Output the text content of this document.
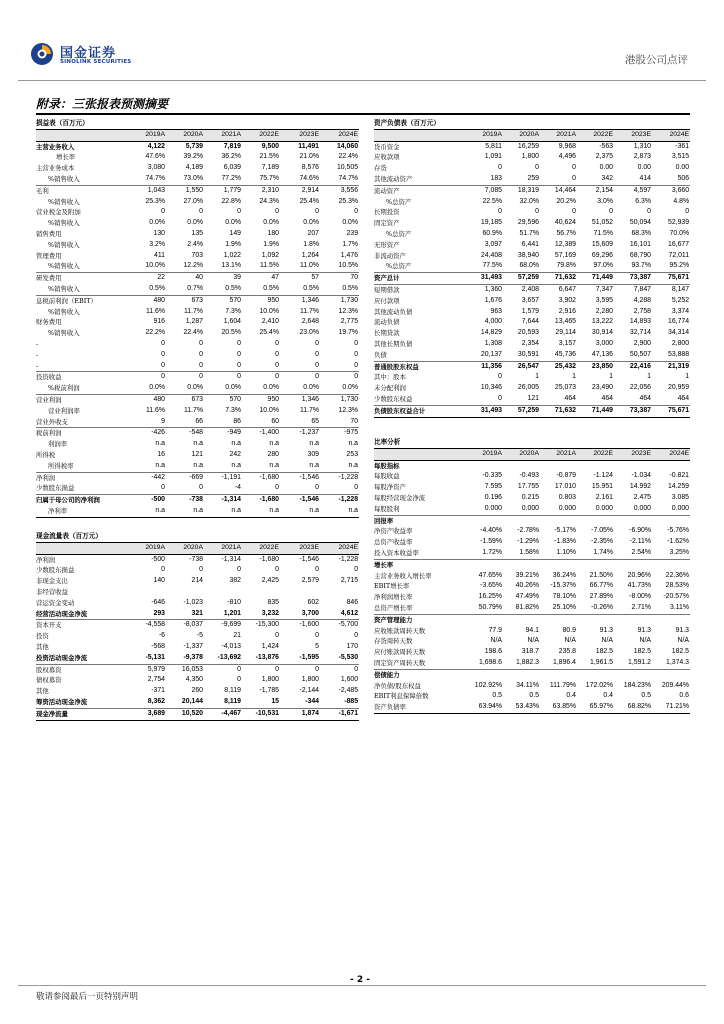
国金证券
SINOLINK SECURITIES	港股公司点评
附录：三张报表预测摘要
损益表（百万元）						
	2019A	2020A	2021A	2022E	2023E	2024E
主营业务收入	4,122	5,739	7,819	9,500	11,491	14,060
增长率	47.6%	39.2%	36.2%	21.5%	21.0%	22.4%
主营业务成本	3,080	4,189	6,039	7,189	8,576	10,505
%销售收入	74.7%	73.0%	77.2%	75.7%	74.6%	74.7%
毛利	1,043	1,550	1,779	2,310	2,914	3,556
%销售收入	25.3%	27.0%	22.8%	24.3%	25.4%	25.3%
营业税金及附加	0	0	0	0	0	0
%销售收入	0.0%	0.0%	0.0%	0.0%	0.0%	0.0%
销售费用	130	135	149	180	207	239
%销售收入	3.2%	2.4%	1.9%	1.9%	1.8%	1.7%
管理费用	411	703	1,022	1,092	1,264	1,476
%销售收入	10.0%	12.2%	13.1%	11.5%	11.0%	10.5%
研发费用	22	40	39	47	57	70
%销售收入	0.5%	0.7%	0.5%	0.5%	0.5%	0.5%
息税前利润（EBIT）	480	673	570	950	1,346	1,730
%销售收入	11.6%	11.7%	7.3%	10.0%	11.7%	12.3%
财务费用	916	1,287	1,604	2,410	2,648	2,775
%销售收入	22.2%	22.4%	20.5%	25.4%	23.0%	19.7%
-	0	0	0	0	0	0
-	0	0	0	0	0	0
-	0	0	0	0	0	0
投资收益	0	0	0	0	0	0
%税前利润	0.0%	0.0%	0.0%	0.0%	0.0%	0.0%
营业利润	480	673	570	950	1,346	1,730
营业利润率	11.6%	11.7%	7.3%	10.0%	11.7%	12.3%
营业外收支	9	66	86	60	65	70
税前利润	-426	-548	-949	-1,400	-1,237	-975
利润率	n.a	n.a	n.a	n.a	n.a	n.a
所得税	16	121	242	280	309	253
所得税率	n.a	n.a	n.a	n.a	n.a	n.a
净利润	-442	-669	-1,191	-1,680	-1,546	-1,228
少数股东损益	0	0	-4	0	0	0
归属于母公司的净利润	-500	-738	-1,314	-1,680	-1,546	-1,228
净利率	n.a	n.a	n.a	n.a	n.a	n.a
现金流量表（百万元）						
	2019A	2020A	2021A	2022E	2023E	2024E
净利润	-500	-738	-1,314	-1,680	-1,546	-1,228
少数股东损益	0	0	0	0	0	0
非现金支出	140	214	382	2,425	2,579	2,715
非经营收益						
营运资金变动	-646	-1,023	-810	835	602	846
经营活动现金净流	293	321	1,201	3,232	3,700	4,612
资本开支	-4,558	-8,037	-9,699	-15,300	-1,600	-5,700
投资	-6	-5	21	0	0	0
其他	-568	-1,337	-4,013	1,424	5	170
投资活动现金净流	-5,131	-9,378	-13,692	-13,876	-1,595	-5,530
股权募资	5,979	16,053	0	0	0	0
债权募资	2,754	4,350	0	1,800	1,800	1,600
其他	-371	260	8,119	-1,785	-2,144	-2,485
筹资活动现金净流	8,362	20,144	8,119	15	-344	-885
现金净流量	3,689	10,520	-4,467	-10,531	1,874	-1,671
资产负债表（百万元）						
	2019A	2020A	2021A	2022E	2023E	2024E
货币资金	5,811	16,259	9,968	-563	1,310	-361
应收款项	1,091	1,800	4,496	2,375	2,873	3,515
存货	0	0	0	0.00	0.00	0.00
其他流动资产	183	259	0	342	414	506
流动资产	7,085	18,319	14,464	2,154	4,597	3,660
%总资产	22.5%	32.0%	20.2%	3.0%	6.3%	4.8%
长期投资	0	0	0	0	0	0
固定资产	19,185	29,596	40,624	51,052	50,094	52,939
%总资产	60.9%	51.7%	56.7%	71.5%	68.3%	70.0%
无形资产	3,097	6,441	12,389	15,609	16,101	16,677
非流动资产	24,408	38,940	57,169	69,296	68,790	72,011
%总资产	77.5%	68.0%	79.8%	97.0%	93.7%	95.2%
资产总计	31,493	57,259	71,632	71,449	73,387	75,671
短期借款	1,360	2,408	6,647	7,347	7,847	8,147
应付款项	1,676	3,657	3,902	3,595	4,288	5,252
其他流动负债	963	1,579	2,916	2,280	2,758	3,374
流动负债	4,000	7,644	13,465	13,222	14,893	16,774
长期贷款	14,829	20,593	29,114	30,914	32,714	34,314
其他长期负债	1,308	2,354	3,157	3,000	2,900	2,800
负债	20,137	30,591	45,736	47,136	50,507	53,888
普通股股东权益	11,356	26,547	25,432	23,850	22,416	21,319
其中：股本	0	1	1	1	1	1
未分配利润	10,346	26,005	25,073	23,490	22,056	20,959
少数股东权益	0	121	464	464	464	464
负债股东权益合计	31,493	57,259	71,632	71,449	73,387	75,671
比率分析						
	2019A	2020A	2021A	2022E	2023E	2024E
每股指标						
每股收益	-0.335	-0.493	-0.879	-1.124	-1.034	-0.821
每股净资产	7.595	17.755	17.010	15.951	14.992	14.259
每股经营现金净流	0.196	0.215	0.803	2.161	2.475	3.085
每股股利	0.000	0.000	0.000	0.000	0.000	0.000
回报率						
净资产收益率	-4.40%	-2.78%	-5.17%	-7.05%	-6.90%	-5.76%
总资产收益率	-1.59%	-1.29%	-1.83%	-2.35%	-2.11%	-1.62%
投入资本收益率	1.72%	1.58%	1.10%	1.74%	2.54%	3.25%
增长率						
主营业务收入增长率	47.65%	39.21%	36.24%	21.50%	20.96%	22.36%
EBIT增长率	-3.65%	40.26%	-15.37%	66.77%	41.73%	28.53%
净利润增长率	16.25%	47.49%	78.10%	27.89%	-8.00%	-20.57%
总资产增长率	50.79%	81.82%	25.10%	-0.26%	2.71%	3.11%
资产管理能力						
应收账款周转天数	77.9	94.1	80.9	91.3	91.3	91.3
存货周转天数	N/A	N/A	N/A	N/A	N/A	N/A
应付账款周转天数	198.6	318.7	235.8	182.5	182.5	182.5
固定资产周转天数	1,698.6	1,882.3	1,896.4	1,961.5	1,591.2	1,374.3
偿债能力						
净负债/股东权益	102.92%	34.11%	111.79%	172.02%	184.23%	209.44%
EBIT利息保障倍数	0.5	0.5	0.4	0.4	0.5	0.6
资产负债率	63.94%	53.43%	63.85%	65.97%	68.82%	71.21%
- 2 -
敬请参阅最后一页特别声明
